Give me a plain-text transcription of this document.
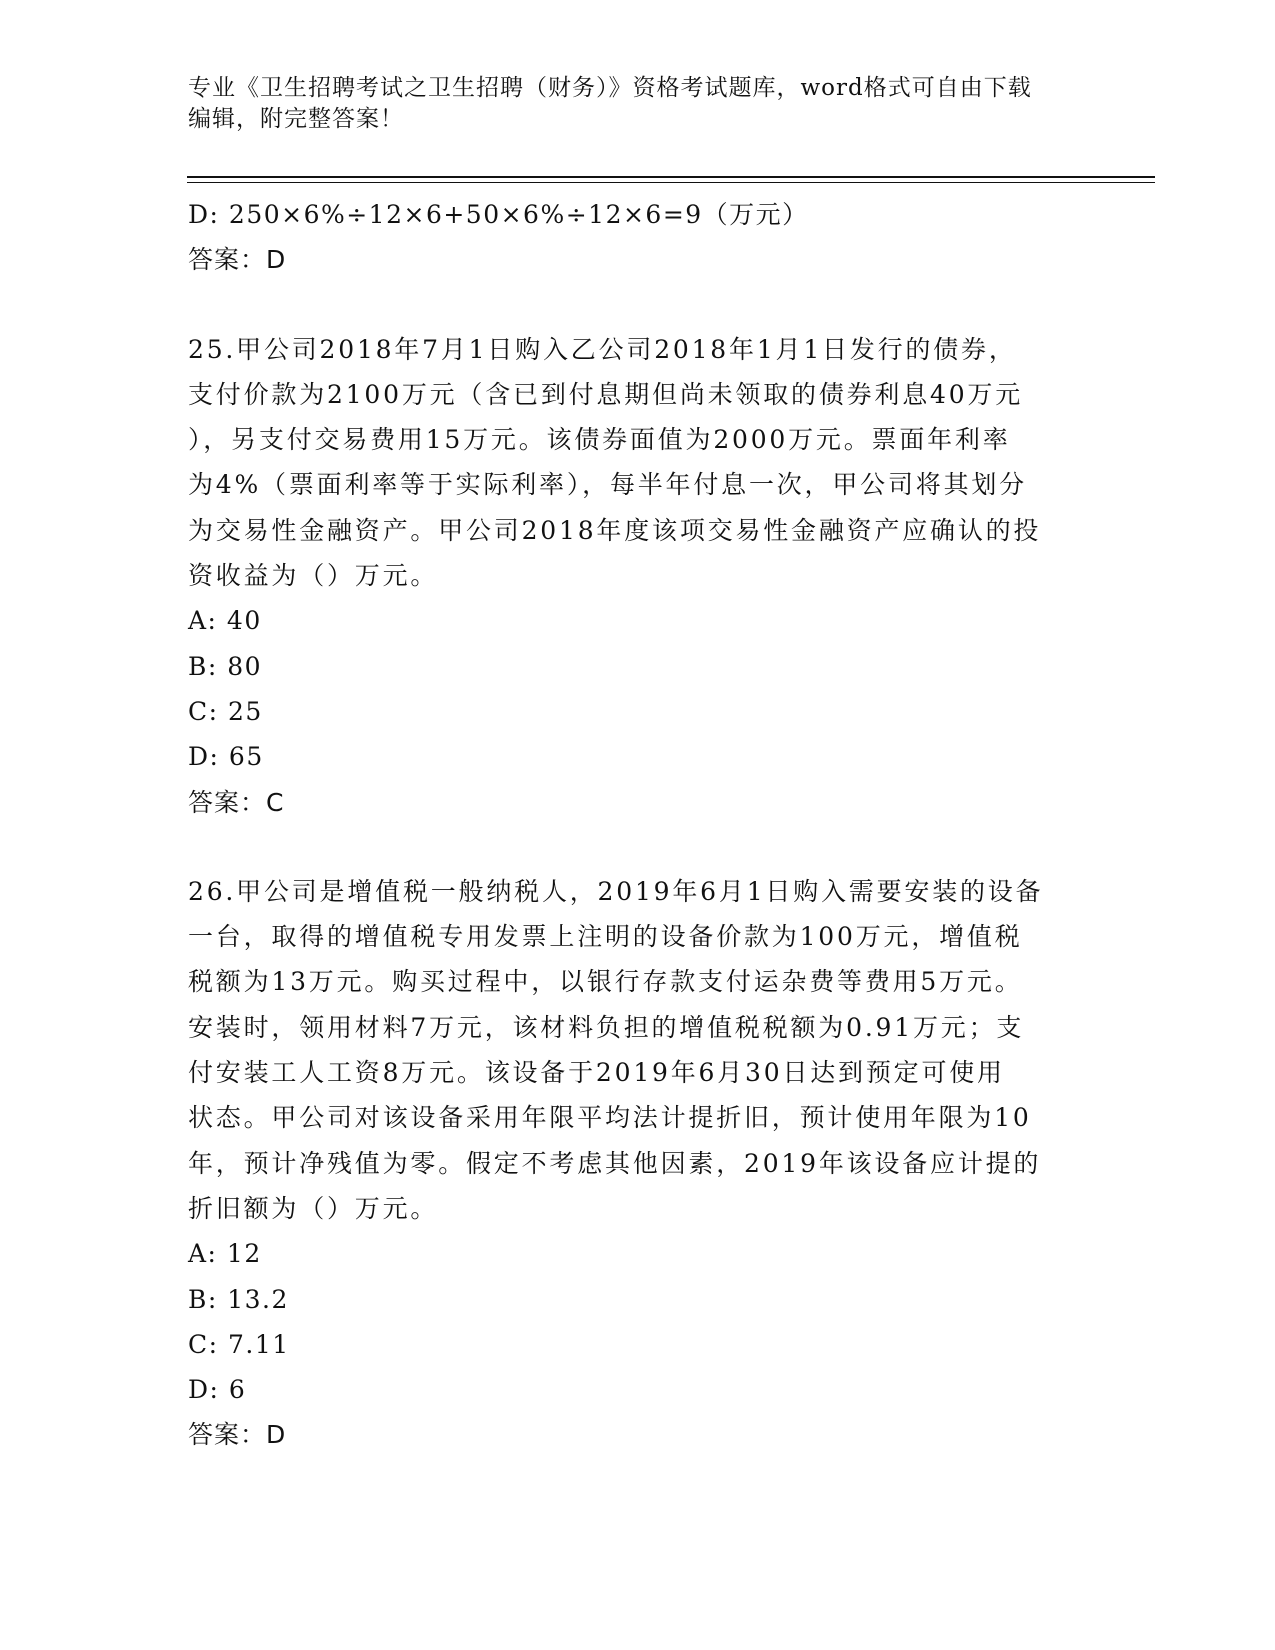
专业《卫生招聘考试之卫生招聘（财务）》资格考试题库，word格式可自由下载
编辑，附完整答案！
D: 250×6%÷12×6+50×6%÷12×6=9（万元）
答案：D
25.甲公司2018年7月1日购入乙公司2018年1月1日发行的债券，
支付价款为2100万元（含已到付息期但尚未领取的债券利息40万元
），另支付交易费用15万元。该债券面值为2000万元。票面年利率
为4%（票面利率等于实际利率），每半年付息一次，甲公司将其划分
为交易性金融资产。甲公司2018年度该项交易性金融资产应确认的投
资收益为（）万元。
A: 40
B: 80
C: 25
D: 65
答案：C
26.甲公司是增值税一般纳税人，2019年6月1日购入需要安装的设备
一台，取得的增值税专用发票上注明的设备价款为100万元，增值税
税额为13万元。购买过程中，以银行存款支付运杂费等费用5万元。
安装时，领用材料7万元，该材料负担的增值税税额为0.91万元；支
付安装工人工资8万元。该设备于2019年6月30日达到预定可使用
状态。甲公司对该设备采用年限平均法计提折旧，预计使用年限为10
年，预计净残值为零。假定不考虑其他因素，2019年该设备应计提的
折旧额为（）万元。
A: 12
B: 13.2
C: 7.11
D: 6
答案：D
